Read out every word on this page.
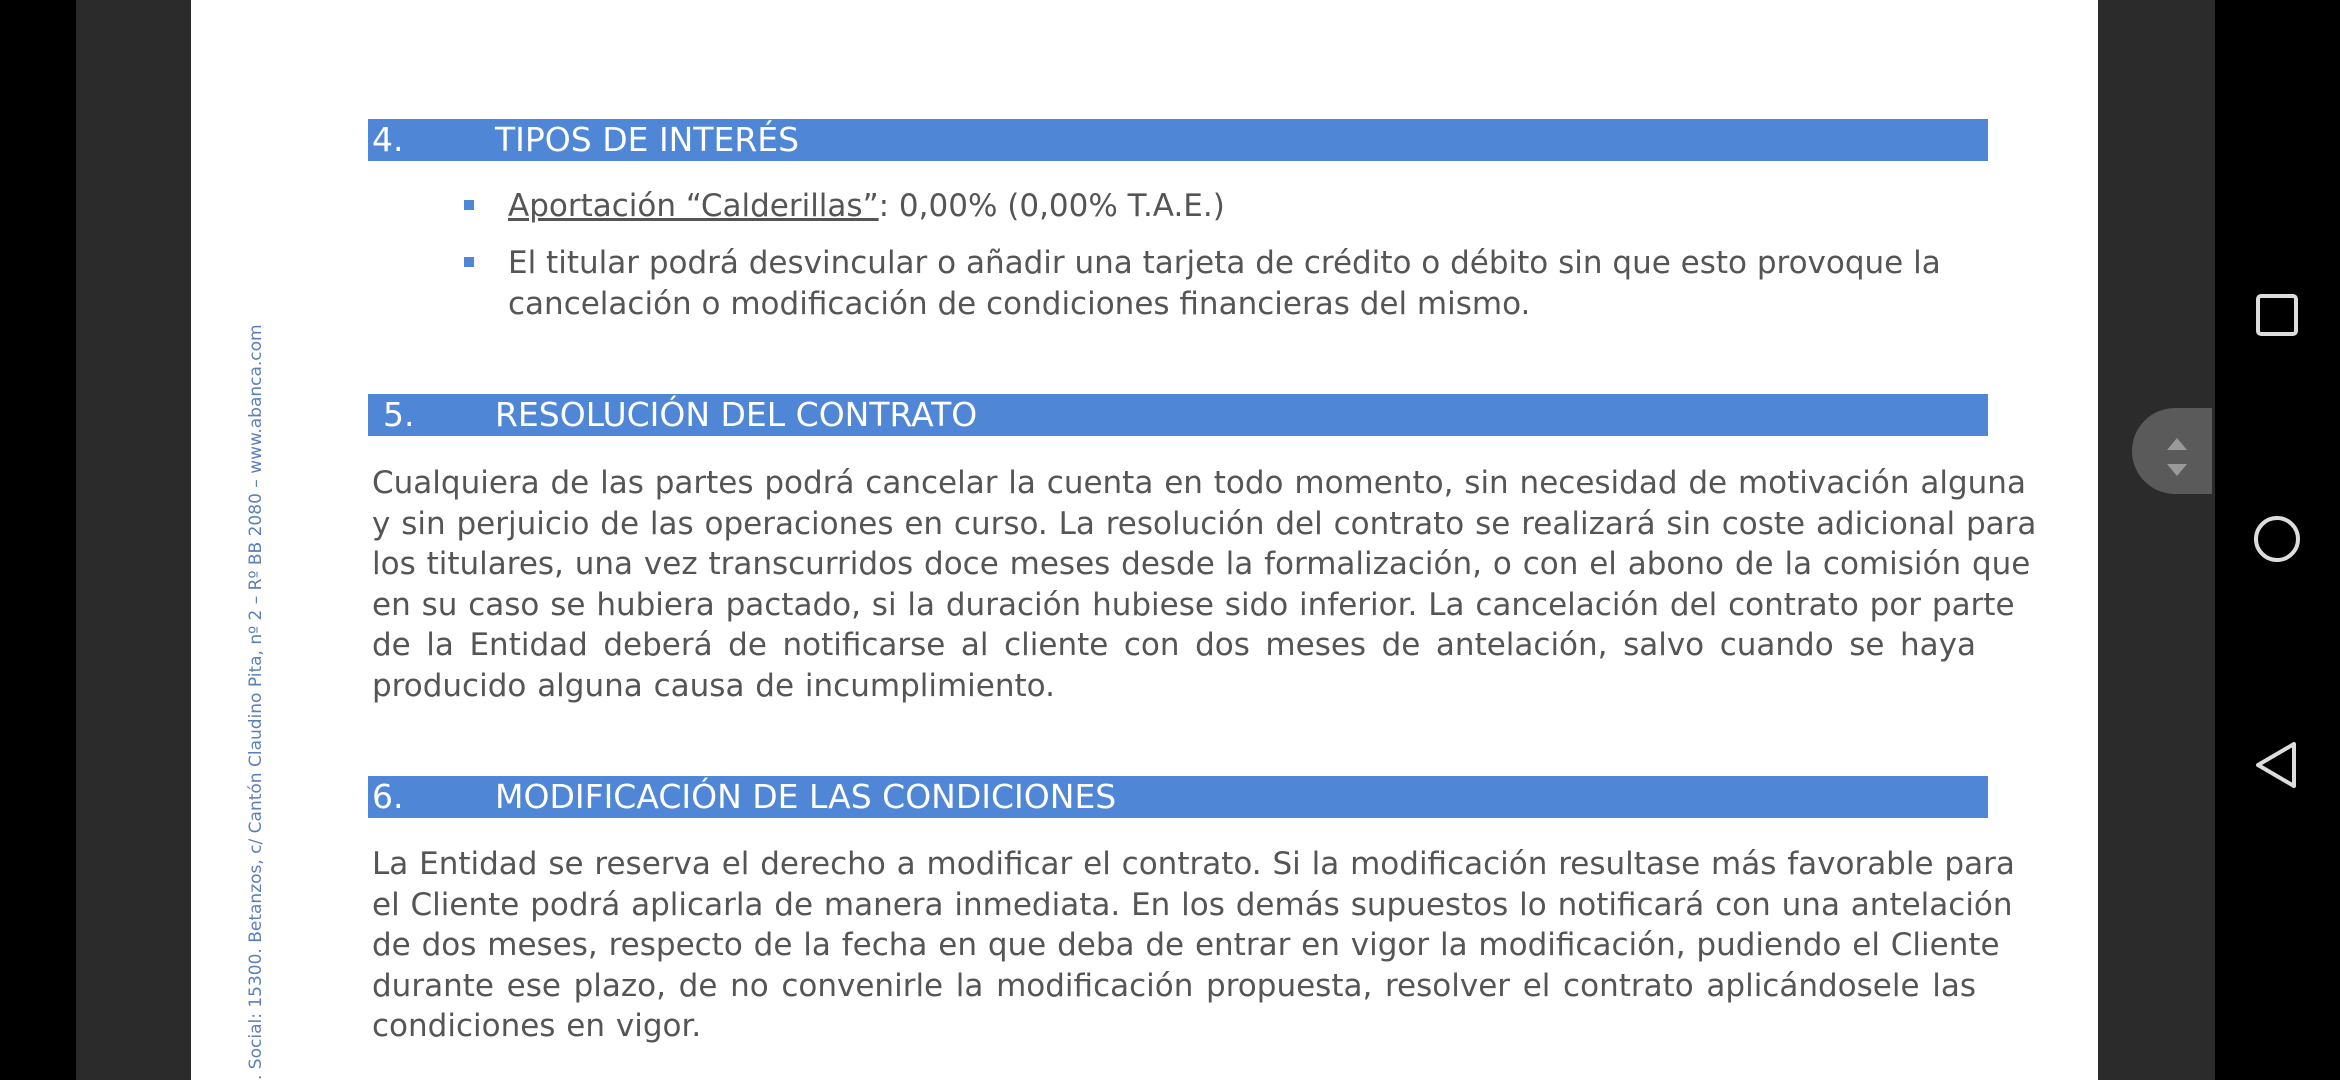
. Social: 15300. Betanzos, c/ Cantón Claudino Pita, nº 2 – Rº BB 2080 – www.abanca.com
4.	TIPOS DE INTERÉS
Aportación “Calderillas”: 0,00% (0,00% T.A.E.)
El titular podrá desvincular o añadir una tarjeta de crédito o débito sin que esto provoque la
cancelación o modificación de condiciones financieras del mismo.
5. RESOLUCIÓN DEL CONTRATO
Cualquiera de las partes podrá cancelar la cuenta en todo momento, sin necesidad de motivación alguna
y sin perjuicio de las operaciones en curso. La resolución del contrato se realizará sin coste adicional para
los titulares, una vez transcurridos doce meses desde la formalización, o con el abono de la comisión que
en su caso se hubiera pactado, si la duración hubiese sido inferior. La cancelación del contrato por parte
de la Entidad deberá de notificarse al cliente con dos meses de antelación, salvo cuando se haya
producido alguna causa de incumplimiento.
6.	MODIFICACIÓN DE LAS CONDICIONES
La Entidad se reserva el derecho a modificar el contrato. Si la modificación resultase más favorable para
el Cliente podrá aplicarla de manera inmediata. En los demás supuestos lo notificará con una antelación
de dos meses, respecto de la fecha en que deba de entrar en vigor la modificación, pudiendo el Cliente
durante ese plazo, de no convenirle la modificación propuesta, resolver el contrato aplicándosele las
condiciones en vigor.
